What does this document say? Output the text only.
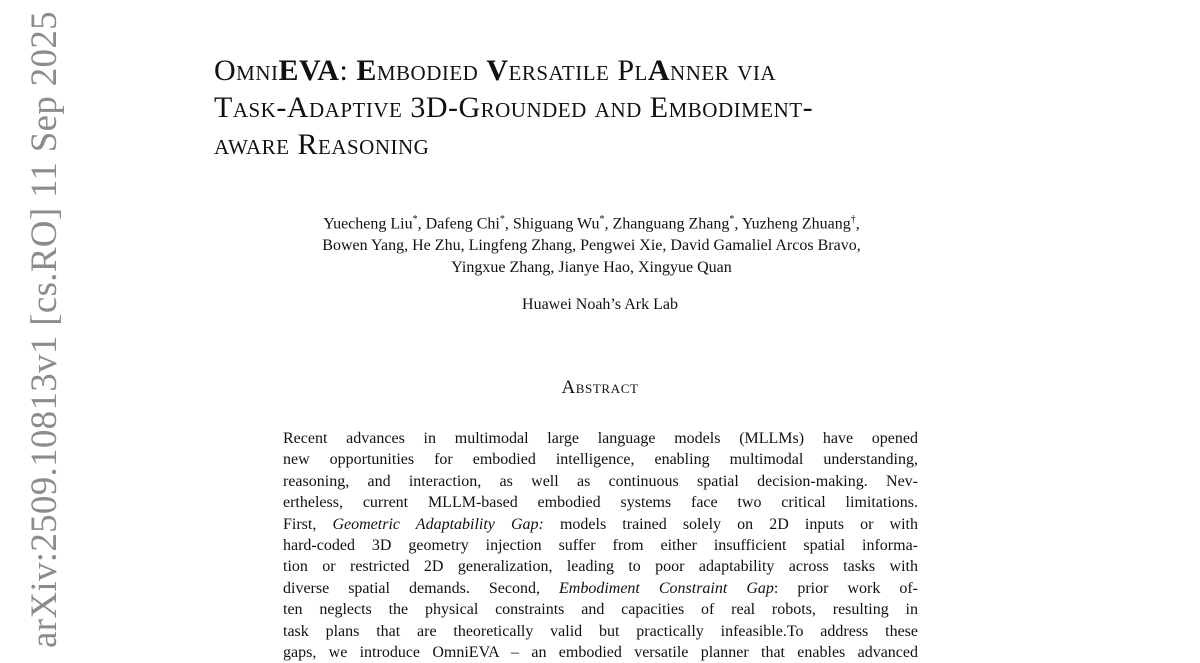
arXiv:2509.10813v1 [cs.RO] 11 Sep 2025	OmniEVA: Embodied Versatile PlAnner via
Task-Adaptive 3D-Grounded and Embodiment-
aware Reasoning
Yuecheng Liu*, Dafeng Chi*, Shiguang Wu*, Zhanguang Zhang*, Yuzheng Zhuang†,
Bowen Yang, He Zhu, Lingfeng Zhang, Pengwei Xie, David Gamaliel Arcos Bravo,
Yingxue Zhang, Jianye Hao, Xingyue Quan
Huawei Noah’s Ark Lab
Abstract
Recent advances in multimodal large language models (MLLMs) have opened
new opportunities for embodied intelligence, enabling multimodal understanding,
reasoning, and interaction, as well as continuous spatial decision-making. Nev-
ertheless, current MLLM-based embodied systems face two critical limitations.
First, Geometric Adaptability Gap: models trained solely on 2D inputs or with
hard-coded 3D geometry injection suffer from either insufficient spatial informa-
tion or restricted 2D generalization, leading to poor adaptability across tasks with
diverse spatial demands. Second, Embodiment Constraint Gap: prior work of-
ten neglects the physical constraints and capacities of real robots, resulting in
task plans that are theoretically valid but practically infeasible.To address these
gaps, we introduce OmniEVA – an embodied versatile planner that enables advanced
